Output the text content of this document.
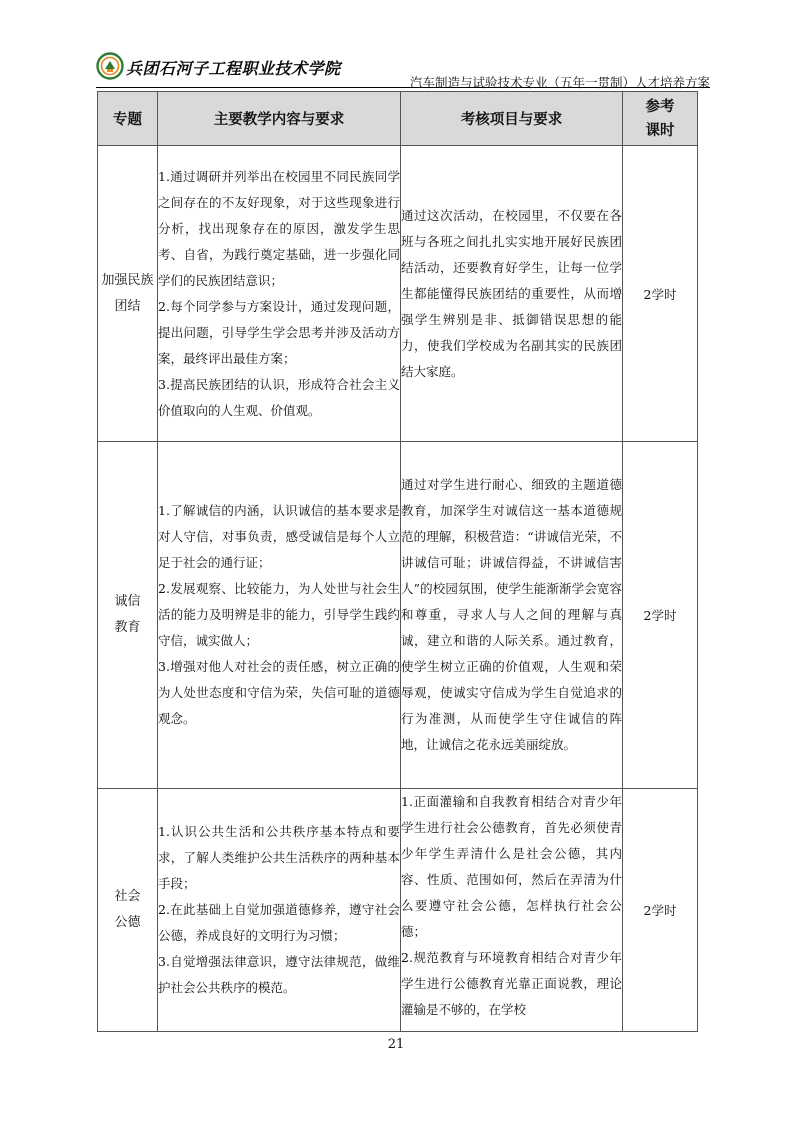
兵团石河子工程职业技术学院
汽车制造与试验技术专业（五年一贯制）人才培养方案
专题	主要教学内容与要求	考核项目与要求	参考课时

加强民族团结	1.通过调研并列举出在校园里不同民族同学之间存在的不友好现象，对于这些现象进行分析，找出现象存在的原因，激发学生思考、自省，为践行奠定基础，进一步强化同学们的民族团结意识；
2.每个同学参与方案设计，通过发现问题，提出问题，引导学生学会思考并涉及活动方案，最终评出最佳方案；
3.提高民族团结的认识，形成符合社会主义价值取向的人生观、价值观。	通过这次活动，在校园里，不仅要在各班与各班之间扎扎实实地开展好民族团结活动，还要教育好学生，让每一位学生都能懂得民族团结的重要性，从而增强学生辨别是非、抵御错误思想的能力，使我们学校成为名副其实的民族团结大家庭。	2学时

诚信教育	1.了解诚信的内涵，认识诚信的基本要求是对人守信，对事负责，感受诚信是每个人立足于社会的通行证；
2.发展观察、比较能力，为人处世与社会生活的能力及明辨是非的能力，引导学生践约守信，诚实做人；
3.增强对他人对社会的责任感，树立正确的为人处世态度和守信为荣，失信可耻的道德观念。	通过对学生进行耐心、细致的主题道德教育，加深学生对诚信这一基本道德规范的理解，积极营造：“讲诚信光荣，不讲诚信可耻；讲诚信得益，不讲诚信害人”的校园氛围，使学生能渐渐学会宽容和尊重，寻求人与人之间的理解与真诚，建立和谐的人际关系。通过教育，使学生树立正确的价值观，人生观和荣辱观，使诚实守信成为学生自觉追求的行为准测，从而使学生守住诚信的阵地，让诚信之花永远美丽绽放。	2学时

社会公德	1.认识公共生活和公共秩序基本特点和要求，了解人类维护公共生活秩序的两种基本手段；
2.在此基础上自觉加强道德修养，遵守社会公德，养成良好的文明行为习惯；
3.自觉增强法律意识，遵守法律规范，做维护社会公共秩序的模范。	1.正面灌输和自我教育相结合对青少年学生进行社会公德教育，首先必须使青少年学生弄清什么是社会公德，其内容、性质、范围如何，然后在弄清为什么要遵守社会公德，怎样执行社会公德；
2.规范教育与环境教育相结合对青少年学生进行公德教育光靠正面说教，理论灌输是不够的，在学校	2学时
21
